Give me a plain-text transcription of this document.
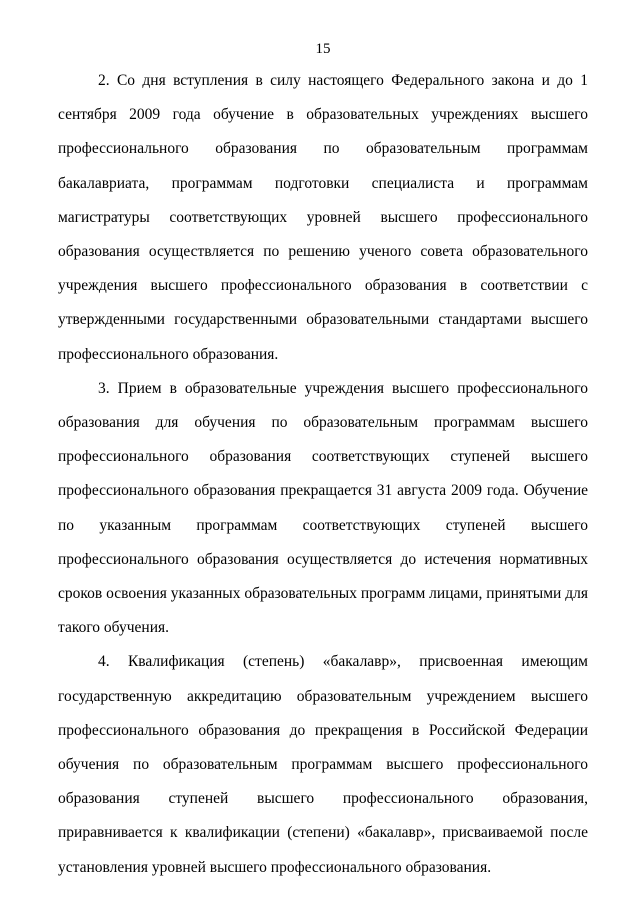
15

2. Со дня вступления в силу настоящего Федерального закона и до 1 сентября 2009 года обучение в образовательных учреждениях высшего профессионального образования по образовательным программам бакалавриата, программам подготовки специалиста и программам магистратуры соответствующих уровней высшего профессионального образования осуществляется по решению ученого совета образовательного учреждения высшего профессионального образования в соответствии с утвержденными государственными образовательными стандартами высшего профессионального образования.

3. Прием в образовательные учреждения высшего профессионального образования для обучения по образовательным программам высшего профессионального образования соответствующих ступеней высшего профессионального образования прекращается 31 августа 2009 года. Обучение по указанным программам соответствующих ступеней высшего профессионального образования осуществляется до истечения нормативных сроков освоения указанных образовательных программ лицами, принятыми для такого обучения.

4. Квалификация (степень) «бакалавр», присвоенная имеющим государственную аккредитацию образовательным учреждением высшего профессионального образования до прекращения в Российской Федерации обучения по образовательным программам высшего профессионального образования ступеней высшего профессионального образования, приравнивается к квалификации (степени) «бакалавр», присваиваемой после установления уровней высшего профессионального образования.
